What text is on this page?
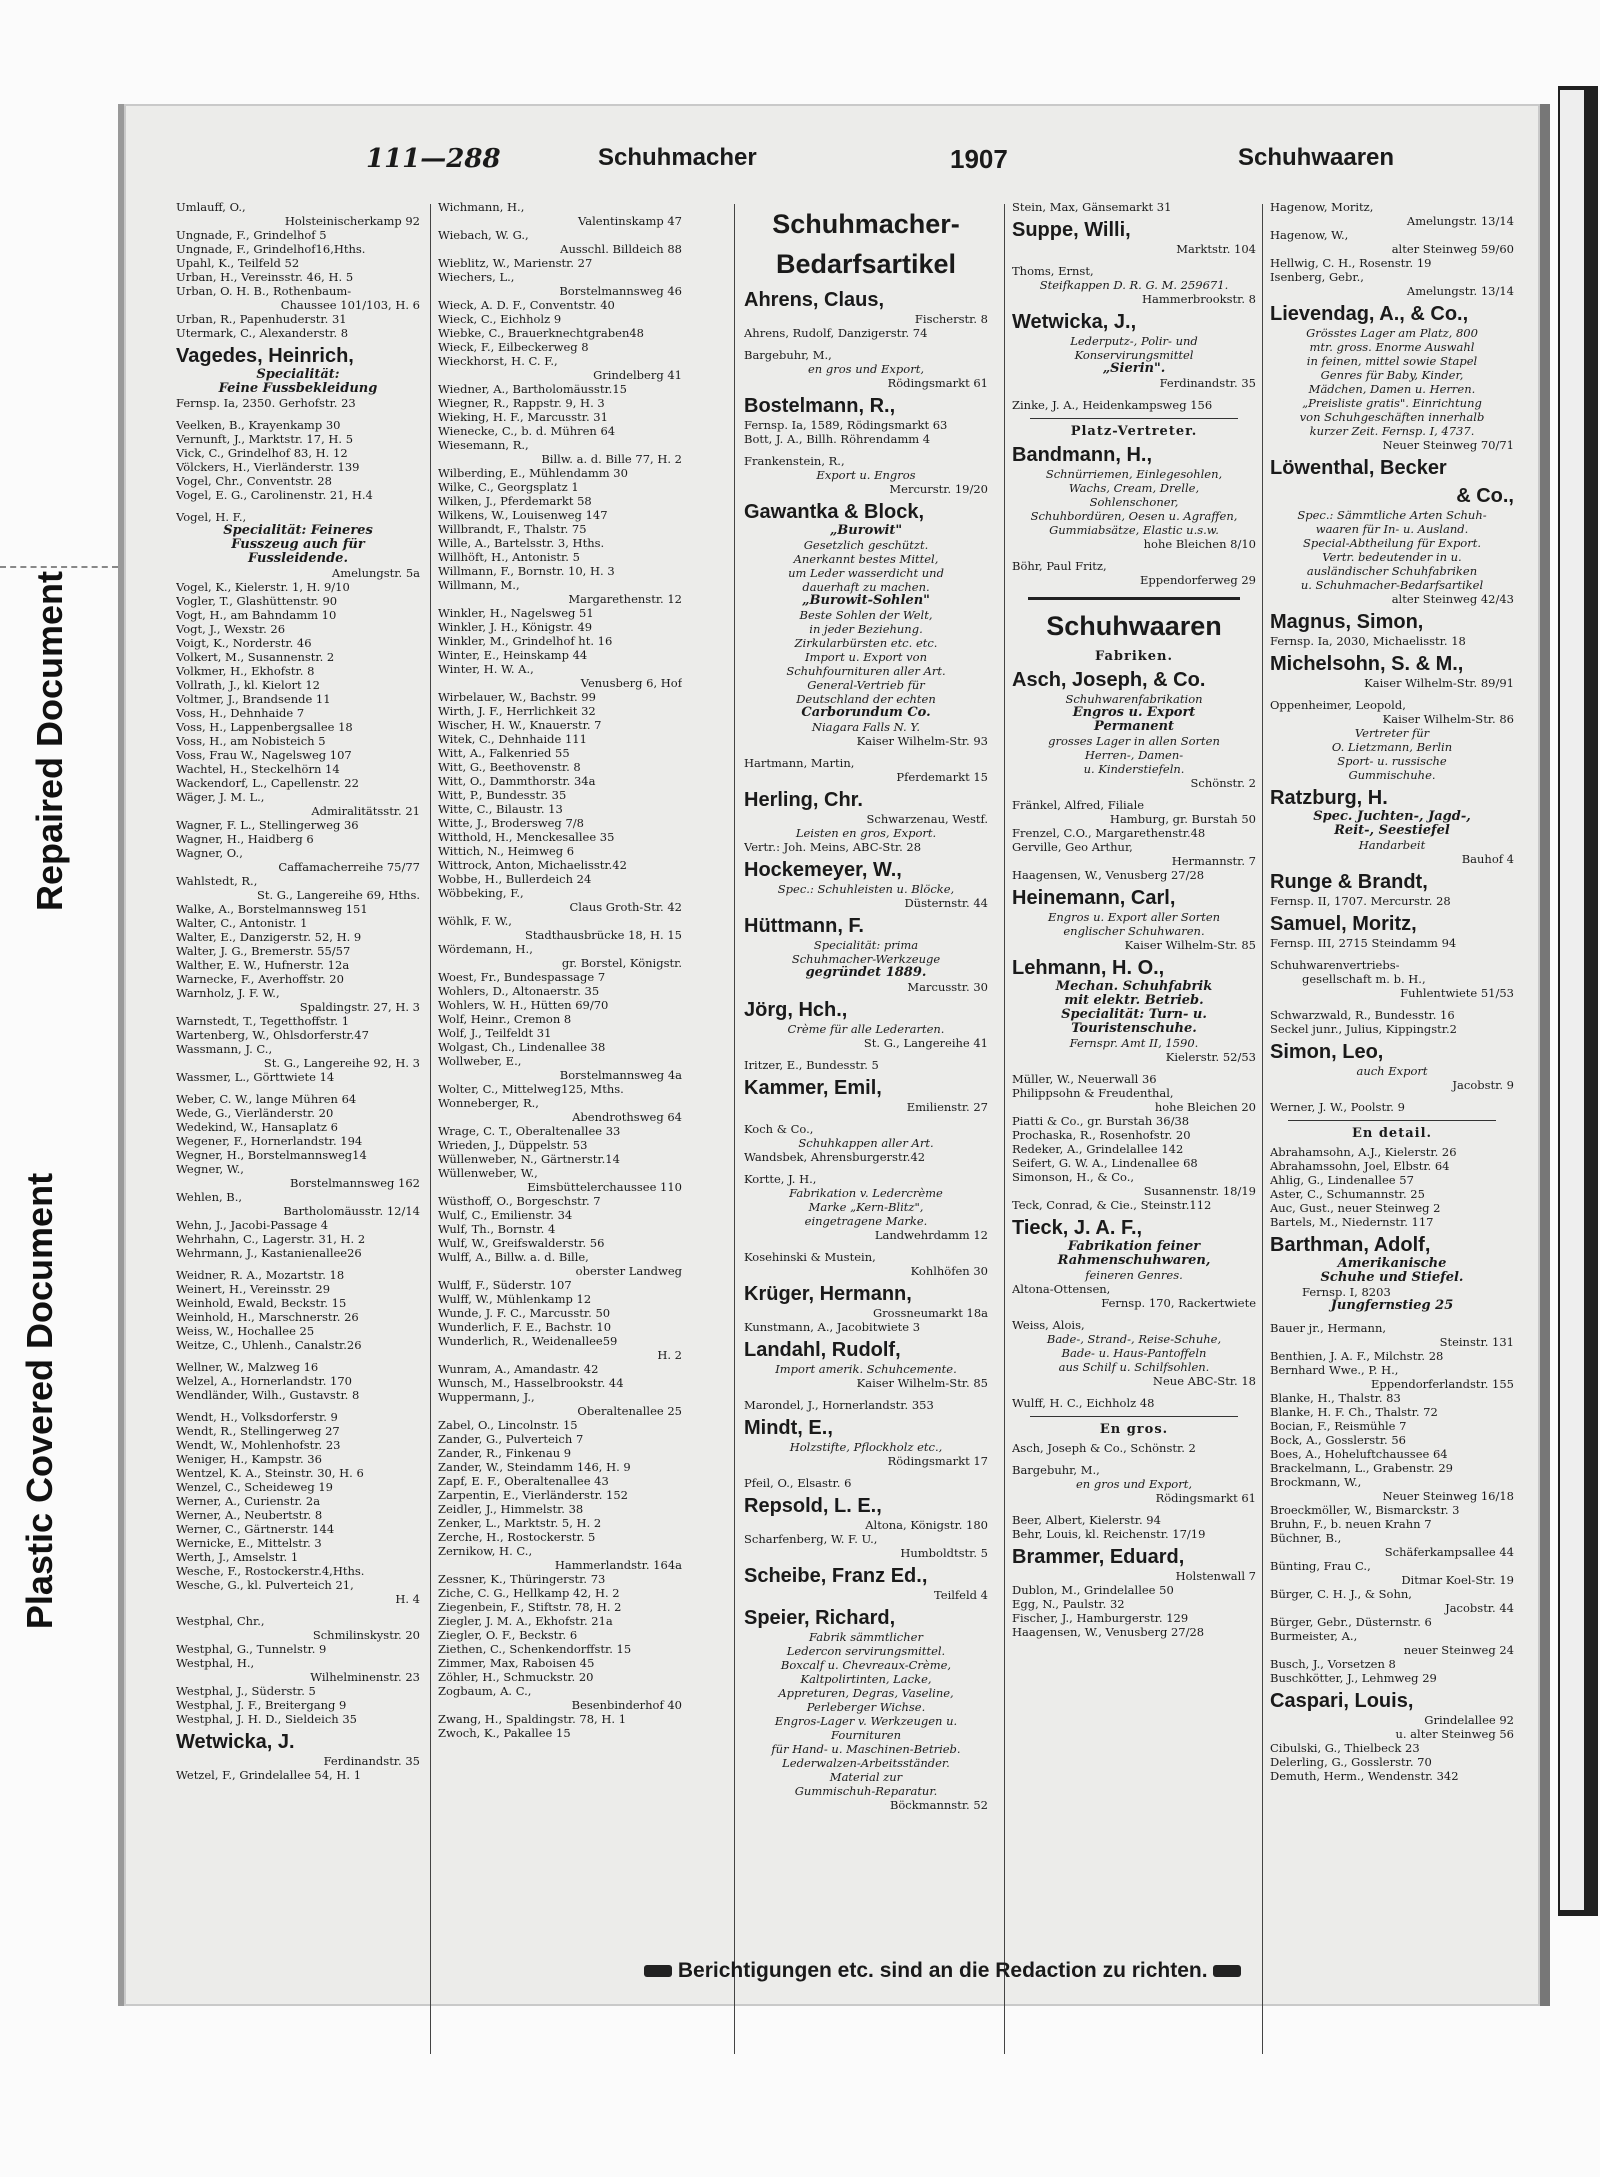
Repaired Document
Plastic Covered Document
111—288	Schuhmacher	1907	Schuhwaaren
Umlauff, O.,
Holsteinischerkamp 92
Ungnade, F., Grindelhof 5
Ungnade, F., Grindelhof16,Hths.
Upahl, K., Teilfeld 52
Urban, H., Vereinsstr. 46, H. 5
Urban, O. H. B., Rothenbaum-
Chaussee 101/103, H. 6
Urban, R., Papenhuderstr. 31
Utermark, C., Alexanderstr. 8
Vagedes, Heinrich,
Specialität:
Feine Fussbekleidung
Fernsp. Ia, 2350. Gerhofstr. 23
Veelken, B., Krayenkamp 30
Vernunft, J., Marktstr. 17, H. 5
Vick, C., Grindelhof 83, H. 12
Völckers, H., Vierländerstr. 139
Vogel, Chr., Conventstr. 28
Vogel, E. G., Carolinenstr. 21, H.4
Vogel, H. F.,
Specialität: Feineres
Fusszeug auch für
Fussleidende.
Amelungstr. 5a
Vogel, K., Kielerstr. 1, H. 9/10
Vogler, T., Glashüttenstr. 90
Vogt, H., am Bahndamm 10
Vogt, J., Wexstr. 26
Voigt, K., Norderstr. 46
Volkert, M., Susannenstr. 2
Volkmer, H., Ekhofstr. 8
Vollrath, J., kl. Kielort 12
Voltmer, J., Brandsende 11
Voss, H., Dehnhaide 7
Voss, H., Lappenbergsallee 18
Voss, H., am Nobisteich 5
Voss, Frau W., Nagelsweg 107
Wachtel, H., Steckelhörn 14
Wackendorf, L., Capellenstr. 22
Wäger, J. M. L.,
Admiralitätsstr. 21
Wagner, F. L., Stellingerweg 36
Wagner, H., Haidberg 6
Wagner, O.,
Caffamacherreihe 75/77
Wahlstedt, R.,
St. G., Langereihe 69, Hths.
Walke, A., Borstelmannsweg 151
Walter, C., Antonistr. 1
Walter, E., Danzigerstr. 52, H. 9
Walter, J. G., Bremerstr. 55/57
Walther, E. W., Hufnerstr. 12a
Warnecke, F., Averhoffstr. 20
Warnholz, J. F. W.,
Spaldingstr. 27, H. 3
Warnstedt, T., Tegetthoffstr. 1
Wartenberg, W., Ohlsdorferstr.47
Wassmann, J. C.,
St. G., Langereihe 92, H. 3
Wassmer, L., Görttwiete 14
Weber, C. W., lange Mühren 64
Wede, G., Vierländerstr. 20
Wedekind, W., Hansaplatz 6
Wegener, F., Hornerlandstr. 194
Wegner, H., Borstelmannsweg14
Wegner, W.,
Borstelmannsweg 162
Wehlen, B.,
Bartholomäusstr. 12/14
Wehn, J., Jacobi-Passage 4
Wehrhahn, C., Lagerstr. 31, H. 2
Wehrmann, J., Kastanienallee26
Weidner, R. A., Mozartstr. 18
Weinert, H., Vereinsstr. 29
Weinhold, Ewald, Beckstr. 15
Weinhold, H., Marschnerstr. 26
Weiss, W., Hochallee 25
Weitze, C., Uhlenh., Canalstr.26
Wellner, W., Malzweg 16
Welzel, A., Hornerlandstr. 170
Wendländer, Wilh., Gustavstr. 8
Wendt, H., Volksdorferstr. 9
Wendt, R., Stellingerweg 27
Wendt, W., Mohlenhofstr. 23
Weniger, H., Kampstr. 36
Wentzel, K. A., Steinstr. 30, H. 6
Wenzel, C., Scheideweg 19
Werner, A., Curienstr. 2a
Werner, A., Neubertstr. 8
Werner, C., Gärtnerstr. 144
Wernicke, E., Mittelstr. 3
Werth, J., Amselstr. 1
Wesche, F., Rostockerstr.4,Hths.
Wesche, G., kl. Pulverteich 21,
H. 4
Westphal, Chr.,
Schmilinskystr. 20
Westphal, G., Tunnelstr. 9
Westphal, H.,
Wilhelminenstr. 23
Westphal, J., Süderstr. 5
Westphal, J. F., Breitergang 9
Westphal, J. H. D., Sieldeich 35
Wetwicka, J.
Ferdinandstr. 35
Wetzel, F., Grindelallee 54, H. 1
Wichmann, H.,
Valentinskamp 47
Wiebach, W. G.,
Ausschl. Billdeich 88
Wieblitz, W., Marienstr. 27
Wiechers, L.,
Borstelmannsweg 46
Wieck, A. D. F., Conventstr. 40
Wieck, C., Eichholz 9
Wiebke, C., Brauerknechtgraben48
Wieck, F., Eilbeckerweg 8
Wieckhorst, H. C. F.,
Grindelberg 41
Wiedner, A., Bartholomäusstr.15
Wiegner, R., Rappstr. 9, H. 3
Wieking, H. F., Marcusstr. 31
Wienecke, C., b. d. Mühren 64
Wiesemann, R.,
Billw. a. d. Bille 77, H. 2
Wilberding, E., Mühlendamm 30
Wilke, C., Georgsplatz 1
Wilken, J., Pferdemarkt 58
Wilkens, W., Louisenweg 147
Willbrandt, F., Thalstr. 75
Wille, A., Bartelsstr. 3, Hths.
Willhöft, H., Antonistr. 5
Willmann, F., Bornstr. 10, H. 3
Willmann, M.,
Margarethenstr. 12
Winkler, H., Nagelsweg 51
Winkler, J. H., Königstr. 49
Winkler, M., Grindelhof ht. 16
Winter, E., Heinskamp 44
Winter, H. W. A.,
Venusberg 6, Hof
Wirbelauer, W., Bachstr. 99
Wirth, J. F., Herrlichkeit 32
Wischer, H. W., Knauerstr. 7
Witek, C., Dehnhaide 111
Witt, A., Falkenried 55
Witt, G., Beethovenstr. 8
Witt, O., Dammthorstr. 34a
Witt, P., Bundesstr. 35
Witte, C., Bilaustr. 13
Witte, J., Brodersweg 7/8
Witthold, H., Menckesallee 35
Wittich, N., Heimweg 6
Wittrock, Anton, Michaelisstr.42
Wobbe, H., Bullerdeich 24
Wöbbeking, F.,
Claus Groth-Str. 42
Wöhlk, F. W.,
Stadthausbrücke 18, H. 15
Wördemann, H.,
gr. Borstel, Königstr.
Woest, Fr., Bundespassage 7
Wohlers, D., Altonaerstr. 35
Wohlers, W. H., Hütten 69/70
Wolf, Heinr., Cremon 8
Wolf, J., Teilfeldt 31
Wolgast, Ch., Lindenallee 38
Wollweber, E.,
Borstelmannsweg 4a
Wolter, C., Mittelweg125, Mths.
Wonneberger, R.,
Abendrothsweg 64
Wrage, C. T., Oberaltenallee 33
Wrieden, J., Düppelstr. 53
Wüllenweber, N., Gärtnerstr.14
Wüllenweber, W.,
Eimsbüttelerchaussee 110
Wüsthoff, O., Borgeschstr. 7
Wulf, C., Emilienstr. 34
Wulf, Th., Bornstr. 4
Wulf, W., Greifswalderstr. 56
Wulff, A., Billw. a. d. Bille,
oberster Landweg
Wulff, F., Süderstr. 107
Wulff, W., Mühlenkamp 12
Wunde, J. F. C., Marcusstr. 50
Wunderlich, F. E., Bachstr. 10
Wunderlich, R., Weidenallee59
H. 2
Wunram, A., Amandastr. 42
Wunsch, M., Hasselbrookstr. 44
Wuppermann, J.,
Oberaltenallee 25
Zabel, O., Lincolnstr. 15
Zander, G., Pulverteich 7
Zander, R., Finkenau 9
Zander, W., Steindamm 146, H. 9
Zapf, E. F., Oberaltenallee 43
Zarpentin, E., Vierländerstr. 152
Zeidler, J., Himmelstr. 38
Zenker, L., Marktstr. 5, H. 2
Zerche, H., Rostockerstr. 5
Zernikow, H. C.,
Hammerlandstr. 164a
Zessner, K., Thüringerstr. 73
Ziche, C. G., Hellkamp 42, H. 2
Ziegenbein, F., Stiftstr. 78, H. 2
Ziegler, J. M. A., Ekhofstr. 21a
Ziegler, O. F., Beckstr. 6
Ziethen, C., Schenkendorffstr. 15
Zimmer, Max, Raboisen 45
Zöhler, H., Schmuckstr. 20
Zogbaum, A. C.,
Besenbinderhof 40
Zwang, H., Spaldingstr. 78, H. 1
Zwoch, K., Pakallee 15
Schuhmacher-
Bedarfsartikel
Ahrens, Claus,
Fischerstr. 8
Ahrens, Rudolf, Danzigerstr. 74
Bargebuhr, M.,
en gros und Export,
Rödingsmarkt 61
Bostelmann, R.,
Fernsp. Ia, 1589, Rödingsmarkt 63
Bott, J. A., Billh. Röhrendamm 4
Frankenstein, R.,
Export u. Engros
Mercurstr. 19/20
Gawantka & Block,
„Burowit"
Gesetzlich geschützt.
Anerkannt bestes Mittel,
um Leder wasserdicht und
dauerhaft zu machen.
„Burowit-Sohlen"
Beste Sohlen der Welt,
in jeder Beziehung.
Zirkularbürsten etc. etc.
Import u. Export von
Schuhfournituren aller Art.
General-Vertrieb für
Deutschland der echten
Carborundum Co.
Niagara Falls N. Y.
Kaiser Wilhelm-Str. 93
Hartmann, Martin,
Pferdemarkt 15
Herling, Chr.
Schwarzenau, Westf.
Leisten en gros, Export.
Vertr.: Joh. Meins, ABC-Str. 28
Hockemeyer, W.,
Spec.: Schuhleisten u. Blöcke,
Düsternstr. 44
Hüttmann, F.
Specialität: prima
Schuhmacher-Werkzeuge
gegründet 1889.
Marcusstr. 30
Jörg, Hch.,
Crème für alle Lederarten.
St. G., Langereihe 41
Iritzer, E., Bundesstr. 5
Kammer, Emil,
Emilienstr. 27
Koch & Co.,
Schuhkappen aller Art.
Wandsbek, Ahrensburgerstr.42
Kortte, J. H.,
Fabrikation v. Ledercrème
Marke „Kern-Blitz",
eingetragene Marke.
Landwehrdamm 12
Kosehinski & Mustein,
Kohlhöfen 30
Krüger, Hermann,
Grossneumarkt 18a
Kunstmann, A., Jacobitwiete 3
Landahl, Rudolf,
Import amerik. Schuhcemente.
Kaiser Wilhelm-Str. 85
Marondel, J., Hornerlandstr. 353
Mindt, E.,
Holzstifte, Pflockholz etc.,
Rödingsmarkt 17
Pfeil, O., Elsastr. 6
Repsold, L. E.,
Altona, Königstr. 180
Scharfenberg, W. F. U.,
Humboldtstr. 5
Scheibe, Franz Ed.,
Teilfeld 4
Speier, Richard,
Fabrik sämmtlicher
Ledercon servirungsmittel.
Boxcalf u. Chevreaux-Crème,
Kaltpolirtinten, Lacke,
Appreturen, Degras, Vaseline,
Perleberger Wichse.
Engros-Lager v. Werkzeugen u.
Fournituren
für Hand- u. Maschinen-Betrieb.
Lederwalzen-Arbeitsständer.
Material zur
Gummischuh-Reparatur.
Böckmannstr. 52
Stein, Max, Gänsemarkt 31
Suppe, Willi,
Marktstr. 104
Thoms, Ernst,
Steifkappen D. R. G. M. 259671.
Hammerbrookstr. 8
Wetwicka, J.,
Lederputz-, Polir- und
Konservirungsmittel
„Sierin".
Ferdinandstr. 35
Zinke, J. A., Heidenkampsweg 156
Platz-Vertreter.
Bandmann, H.,
Schnürriemen, Einlegesohlen,
Wachs, Cream, Drelle,
Sohlenschoner,
Schuhbordüren, Oesen u. Agraffen,
Gummiabsätze, Elastic u.s.w.
hohe Bleichen 8/10
Böhr, Paul Fritz,
Eppendorferweg 29
Schuhwaaren
Fabriken.
Asch, Joseph, & Co.
Schuhwarenfabrikation
Engros u. Export
Permanent
grosses Lager in allen Sorten
Herren-, Damen-
u. Kinderstiefeln.
Schönstr. 2
Fränkel, Alfred, Filiale
Hamburg, gr. Burstah 50
Frenzel, C.O., Margarethenstr.48
Gerville, Geo Arthur,
Hermannstr. 7
Haagensen, W., Venusberg 27/28
Heinemann, Carl,
Engros u. Export aller Sorten
englischer Schuhwaren.
Kaiser Wilhelm-Str. 85
Lehmann, H. O.,
Mechan. Schuhfabrik
mit elektr. Betrieb.
Specialität: Turn- u.
Touristenschuhe.
Fernspr. Amt II, 1590.
Kielerstr. 52/53
Müller, W., Neuerwall 36
Philippsohn & Freudenthal,
hohe Bleichen 20
Piatti & Co., gr. Burstah 36/38
Prochaska, R., Rosenhofstr. 20
Redeker, A., Grindelallee 142
Seifert, G. W. A., Lindenallee 68
Simonson, H., & Co.,
Susannenstr. 18/19
Teck, Conrad, & Cie., Steinstr.112
Tieck, J. A. F.,
Fabrikation feiner
Rahmenschuhwaren,
feineren Genres.
Altona-Ottensen,
Fernsp. 170, Rackertwiete
Weiss, Alois,
Bade-, Strand-, Reise-Schuhe,
Bade- u. Haus-Pantoffeln
aus Schilf u. Schilfsohlen.
Neue ABC-Str. 18
Wulff, H. C., Eichholz 48
En gros.
Asch, Joseph & Co., Schönstr. 2
Bargebuhr, M.,
en gros und Export,
Rödingsmarkt 61
Beer, Albert, Kielerstr. 94
Behr, Louis, kl. Reichenstr. 17/19
Brammer, Eduard,
Holstenwall 7
Dublon, M., Grindelallee 50
Egg, N., Paulstr. 32
Fischer, J., Hamburgerstr. 129
Haagensen, W., Venusberg 27/28
Hagenow, Moritz,
Amelungstr. 13/14
Hagenow, W.,
alter Steinweg 59/60
Hellwig, C. H., Rosenstr. 19
Isenberg, Gebr.,
Amelungstr. 13/14
Lievendag, A., & Co.,
Grösstes Lager am Platz, 800
mtr. gross. Enorme Auswahl
in feinen, mittel sowie Stapel
Genres für Baby, Kinder,
Mädchen, Damen u. Herren.
„Preisliste gratis". Einrichtung
von Schuhgeschäften innerhalb
kurzer Zeit. Fernsp. I, 4737.
Neuer Steinweg 70/71
Löwenthal, Becker
& Co.,
Spec.: Sämmtliche Arten Schuh-
waaren für In- u. Ausland.
Special-Abtheilung für Export.
Vertr. bedeutender in u.
ausländischer Schuhfabriken
u. Schuhmacher-Bedarfsartikel
alter Steinweg 42/43
Magnus, Simon,
Fernsp. Ia, 2030, Michaelisstr. 18
Michelsohn, S. & M.,
Kaiser Wilhelm-Str. 89/91
Oppenheimer, Leopold,
Kaiser Wilhelm-Str. 86
Vertreter für
O. Lietzmann, Berlin
Sport- u. russische
Gummischuhe.
Ratzburg, H.
Spec. Juchten-, Jagd-,
Reit-, Seestiefel
Handarbeit
Bauhof 4
Runge & Brandt,
Fernsp. II, 1707. Mercurstr. 28
Samuel, Moritz,
Fernsp. III, 2715 Steindamm 94
Schuhwarenvertriebs-
gesellschaft m. b. H.,
Fuhlentwiete 51/53
Schwarzwald, R., Bundesstr. 16
Seckel junr., Julius, Kippingstr.2
Simon, Leo,
auch Export
Jacobstr. 9
Werner, J. W., Poolstr. 9
En detail.
Abrahamsohn, A.J., Kielerstr. 26
Abrahamssohn, Joel, Elbstr. 64
Ahlig, G., Lindenallee 57
Aster, C., Schumannstr. 25
Auc, Gust., neuer Steinweg 2
Bartels, M., Niedernstr. 117
Barthman, Adolf,
Amerikanische
Schuhe und Stiefel.
Fernsp. I, 8203
Jungfernstieg 25
Bauer jr., Hermann,
Steinstr. 131
Benthien, J. A. F., Milchstr. 28
Bernhard Wwe., P. H.,
Eppendorferlandstr. 155
Blanke, H., Thalstr. 83
Blanke, H. F. Ch., Thalstr. 72
Bocian, F., Reismühle 7
Bock, A., Gosslerstr. 56
Boes, A., Hoheluftchaussee 64
Brackelmann, L., Grabenstr. 29
Brockmann, W.,
Neuer Steinweg 16/18
Broeckmöller, W., Bismarckstr. 3
Bruhn, F., b. neuen Krahn 7
Büchner, B.,
Schäferkampsallee 44
Bünting, Frau C.,
Ditmar Koel-Str. 19
Bürger, C. H. J., & Sohn,
Jacobstr. 44
Bürger, Gebr., Düsternstr. 6
Burmeister, A.,
neuer Steinweg 24
Busch, J., Vorsetzen 8
Buschkötter, J., Lehmweg 29
Caspari, Louis,
Grindelallee 92
u. alter Steinweg 56
Cibulski, G., Thielbeck 23
Delerling, G., Gosslerstr. 70
Demuth, Herm., Wendenstr. 342
Berichtigungen etc. sind an die Redaction zu richten.
